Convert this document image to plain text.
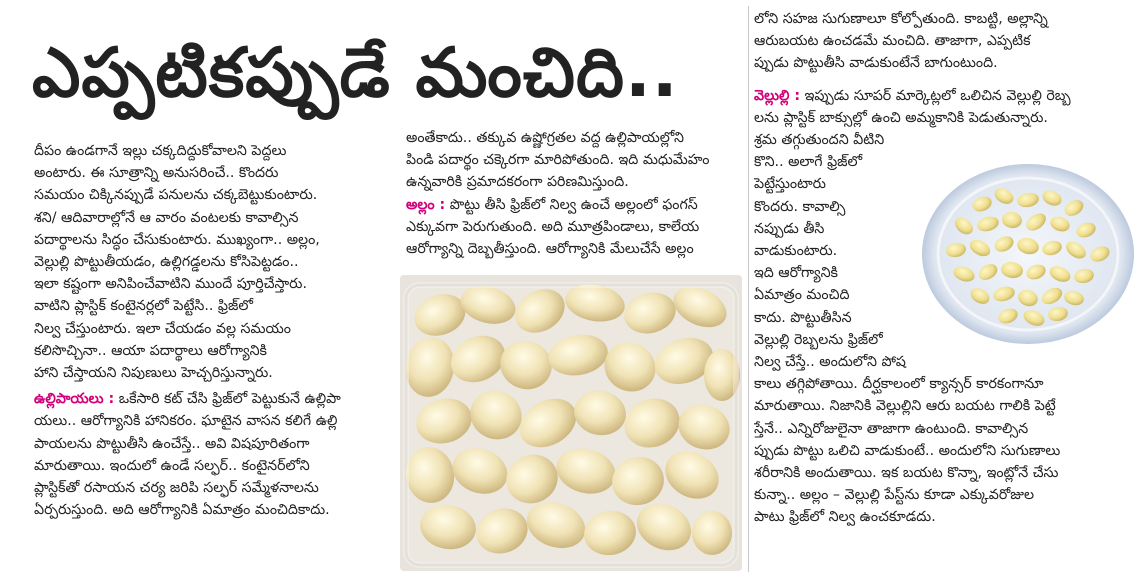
ఎప్పటికప్పుడే మంచిది..

దీపం ఉండగానే ఇల్లు చక్కదిద్దుకోవాలని పెద్దలు

అంటారు. ఈ సూత్రాన్ని అనుసరించే.. కొందరు

సమయం చిక్కినప్పుడే పనులను చక్కబెట్టుకుంటారు.

శని/ ఆదివారాల్లోనే ఆ వారం వంటలకు కావాల్సిన

పదార్థాలను సిద్ధం చేసుకుంటారు. ముఖ్యంగా.. అల్లం,

వెల్లుల్లి పొట్టుతీయడం, ఉల్లిగడ్డలను కోసిపెట్టడం..

ఇలా కష్టంగా అనిపించేవాటిని ముందే పూర్తిచేస్తారు.

వాటిని ప్లాస్టిక్ కంటైనర్లలో పెట్టేసి.. ఫ్రిజ్‌లో

నిల్వ చేస్తుంటారు. ఇలా చేయడం వల్ల సమయం

కలిసొచ్చినా.. ఆయా పదార్థాలు ఆరోగ్యానికి

హాని చేస్తాయని నిపుణులు హెచ్చరిస్తున్నారు.

ఉల్లిపాయలు : ఒకేసారి కట్ చేసి ఫ్రిజ్‌లో పెట్టుకునే ఉల్లిపా

యలు.. ఆరోగ్యానికి హానికరం. ఘాటైన వాసన కలిగే ఉల్లి

పాయలను పొట్టుతీసి ఉంచేస్తే.. అవి విషపూరితంగా

మారుతాయి. ఇందులో ఉండే సల్ఫర్.. కంటైనర్‌లోని

ప్లాస్టిక్‌తో రసాయన చర్య జరిపి సల్ఫర్ సమ్మేళనాలను

ఏర్పరుస్తుంది. అది ఆరోగ్యానికి ఏమాత్రం మంచిదికాదు.

అంతేకాదు.. తక్కువ ఉష్ణోగ్రతల వద్ద ఉల్లిపాయల్లోని

పిండి పదార్థం చక్కెరగా మారిపోతుంది. ఇది మధుమేహం

ఉన్నవారికి ప్రమాదకరంగా పరిణమిస్తుంది.

అల్లం : పొట్టు తీసి ఫ్రిజ్‌లో నిల్వ ఉంచే అల్లంలో ఫంగస్

ఎక్కువగా పెరుగుతుంది. అది మూత్రపిండాలు, కాలేయ

ఆరోగ్యాన్ని దెబ్బతీస్తుంది. ఆరోగ్యానికి మేలుచేసే అల్లం

లోని సహజ సుగుణాలూ కోల్పోతుంది. కాబట్టి, అల్లాన్ని

ఆరుబయట ఉంచడమే మంచిది. తాజాగా, ఎప్పటిక

ప్పుడు పొట్టుతీసి వాడుకుంటేనే బాగుంటుంది.

వెల్లుల్లి : ఇప్పుడు సూపర్ మార్కెట్లలో ఒలిచిన వెల్లుల్లి రెబ్బ

లను ప్లాస్టిక్ బాక్సుల్లో ఉంచి అమ్మకానికి పెడుతున్నారు.

శ్రమ తగ్గుతుందని వీటిని

కొని.. అలాగే ఫ్రిజ్‌లో

పెట్టేస్తుంటారు

కొందరు. కావాల్సి

నప్పుడు తీసి

వాడుకుంటారు.

ఇది ఆరోగ్యానికి

ఏమాత్రం మంచిది

కాదు. పొట్టుతీసిన

వెల్లుల్లి రెబ్బలను ఫ్రిజ్‌లో

నిల్వ చేస్తే.. అందులోని పోష

కాలు తగ్గిపోతాయి. దీర్ఘకాలంలో క్యాన్సర్ కారకంగానూ

మారుతాయి. నిజానికి వెల్లుల్లిని ఆరు బయట గాలికి పెట్టే

స్తేనే.. ఎన్నిరోజులైనా తాజాగా ఉంటుంది. కావాల్సిన

ప్పుడు పొట్టు ఒలిచి వాడుకుంటే.. అందులోని సుగుణాలు

శరీరానికి అందుతాయి. ఇక బయట కొన్నా, ఇంట్లోనే చేసు

కున్నా.. అల్లం – వెల్లుల్లి పేస్ట్‌ను కూడా ఎక్కువరోజుల

పాటు ఫ్రిజ్‌లో నిల్వ ఉంచకూడదు.
